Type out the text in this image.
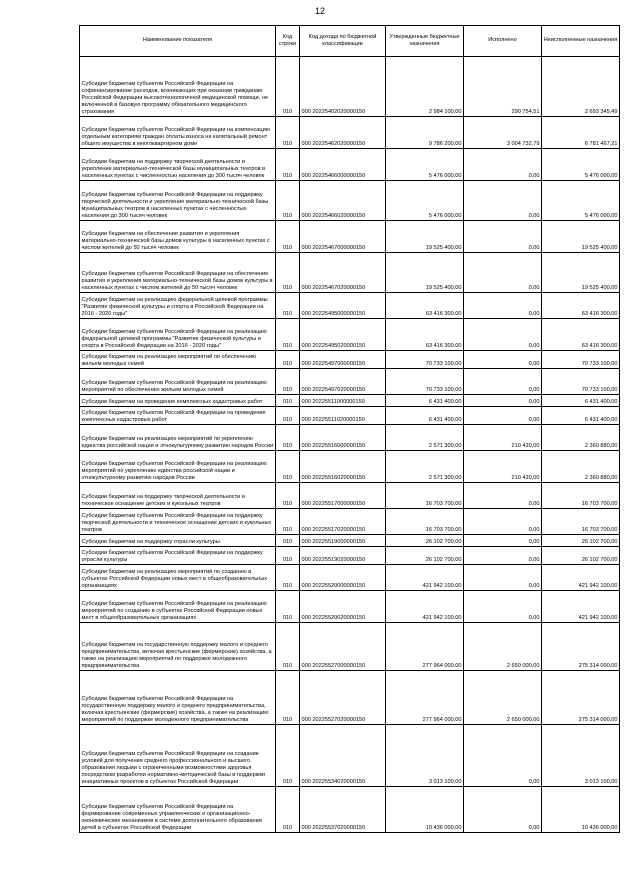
12
Наименование показателя	Код строки	Код дохода по бюджетной классификации	Утвержденные бюджетные назначения	Исполнено	Неисполненные назначения
Субсидии бюджетам субъектов Российской Федерации на софинансирование расходов, возникающих при оказании гражданам Российской Федерации высокотехнологичной медицинской помощи, не включенной в базовую программу обязательного медицинского страхования	010	000 20225402020000150	2 984 100,00	290 754,51	2 693 345,49
Субсидии бюджетам субъектов Российской Федерации на компенсацию отдельным категориям граждан оплаты взноса на капитальный ремонт общего имущества в многоквартирном доме	010	000 20225462020000150	9 786 200,00	3 004 732,79	6 781 467,21
Субсидии бюджетам на поддержку творческой деятельности и укрепление материально-технической базы муниципальных театров в населенных пунктах с численностью населения до 300 тысяч человек	010	000 20225466000000150	5 476 000,00	0,00	5 476 000,00
Субсидии бюджетам субъектов Российской Федерации на поддержку творческой деятельности и укрепление материально-технической базы муниципальных театров в населенных пунктах с численностью населения до 300 тысяч человек	010	000 20225466020000150	5 476 000,00	0,00	5 476 000,00
Субсидии бюджетам на обеспечение развития и укрепления материально-технической базы домов культуры в населенных пунктах с числом жителей до 50 тысяч человек	010	000 20225467000000150	19 525 400,00	0,00	19 525 400,00
Субсидии бюджетам субъектов Российской Федерации на обеспечение развития и укрепления материально-технической базы домов культуры в населенных пунктах с числом жителей до 50 тысяч человек	010	000 20225467020000150	19 525 400,00	0,00	19 525 400,00
Субсидии бюджетам на реализацию федеральной целевой программы "Развитие физической культуры и спорта в Российской Федерации на 2016 - 2020 годы"	010	000 20225495000000150	63 416 300,00	0,00	63 416 300,00
Субсидии бюджетам субъектов Российской Федерации на реализацию федеральной целевой программы "Развитие физической культуры и спорта в Российской Федерации на 2016 - 2020 годы"	010	000 20225495020000150	63 416 300,00	0,00	63 416 300,00
Субсидии бюджетам на реализацию мероприятий по обеспечению жильем молодых семей	010	000 20225497000000150	70 733 100,00	0,00	70 733 100,00
Субсидии бюджетам субъектов Российской Федерации на реализацию мероприятий по обеспечению жильем молодых семей	010	000 20225497020000150	70 733 100,00	0,00	70 733 100,00
Субсидии бюджетам на проведение комплексных кадастровых работ	010	000 20225511000000150	6 431 400,00	0,00	6 431 400,00
Субсидии бюджетам субъектов Российской Федерации на проведение комплексных кадастровых работ	010	000 20225511020000150	6 431 400,00	0,00	6 431 400,00
Субсидии бюджетам на реализацию мероприятий по укреплению единства российской нации и этнокультурному развитию народов России	010	000 20225516000000150	2 571 300,00	210 420,00	2 360 880,00
Субсидии бюджетам субъектов Российской Федерации на реализацию мероприятий по укреплению единства российской нации и этнокультурному развитию народов России	010	000 20225516020000150	2 571 300,00	210 420,00	2 360 880,00
Субсидии бюджетам на поддержку творческой деятельности и техническое оснащение детских и кукольных театров	010	000 20225517000000150	16 703 700,00	0,00	16 703 700,00
Субсидии бюджетам субъектов Российской Федерации на поддержку творческой деятельности и техническое оснащение детских и кукольных театров	010	000 20225517020000150	16 703 700,00	0,00	16 703 700,00
Субсидии бюджетам на поддержку отрасли культуры	010	000 20225519000000150	26 102 700,00	0,00	26 102 700,00
Субсидии бюджетам субъектов Российской Федерации на поддержку отрасли культуры	010	000 20225519020000150	26 102 700,00	0,00	26 102 700,00
Субсидии бюджетам на реализацию мероприятий по созданию в субъектах Российской Федерации новых мест в общеобразовательных организациях	010	000 20225520000000150	421 942 100,00	0,00	421 942 100,00
Субсидии бюджетам субъектов Российской Федерации на реализацию мероприятий по созданию в субъектах Российской Федерации новых мест в общеобразовательных организациях	010	000 20225520020000150	421 942 100,00	0,00	421 942 100,00
Субсидии бюджетам на государственную поддержку малого и среднего предпринимательства, включая крестьянские (фермерские) хозяйства, а также на реализацию мероприятий по поддержке молодежного предпринимательства	010	000 20225527000000150	277 964 000,00	2 650 000,00	275 314 000,00
Субсидии бюджетам субъектов Российской Федерации на государственную поддержку малого и среднего предпринимательства, включая крестьянские (фермерские) хозяйства, а также на реализацию мероприятий по поддержке молодежного предпринимательства	010	000 20225527020000150	277 964 000,00	2 650 000,00	275 314 000,00
Субсидии бюджетам субъектов Российской Федерации на создание условий для получения среднего профессионального и высшего образования людьми с ограниченными возможностями здоровья посредством разработки нормативно-методической базы и поддержки инициативных проектов в субъектах Российской Федерации	010	000 20225534020000150	3 013 100,00	0,00	3 013 100,00
Субсидии бюджетам субъектов Российской Федерации на формирование современных управленческих и организационно-экономических механизмов в системе дополнительного образования детей в субъектах Российской Федерации	010	000 20225537020000150	10 436 000,00	0,00	10 436 000,00
